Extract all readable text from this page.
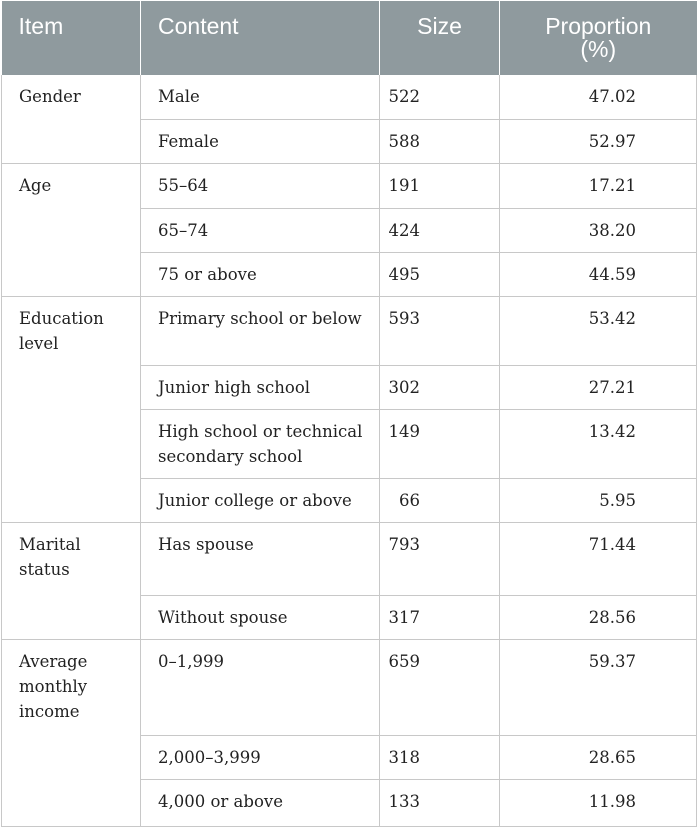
Item	Content	Size	Proportion
(%)
Gender	Male	522	47.02
	Female	588	52.97
Age	55–64	191	17.21
	65–74	424	38.20
	75 or above	495	44.59
Education level	Primary school or below	593	53.42
	Junior high school	302	27.21
	High school or technical secondary school	149	13.42
	Junior college or above	66	5.95
Marital status	Has spouse	793	71.44
	Without spouse	317	28.56
Average monthly income	0–1,999	659	59.37
	2,000–3,999	318	28.65
	4,000 or above	133	11.98
